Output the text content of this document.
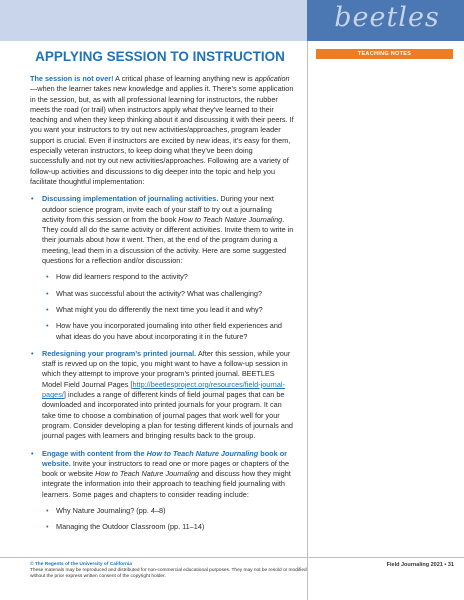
beetles
APPLYING SESSION TO INSTRUCTION	TEACHING NOTES

The session is not over! A critical phase of learning anything new is application—when the learner takes new knowledge and applies it. There’s some application in the session, but, as with all professional learning for instructors, the rubber meets the road (or trail) when instructors apply what they’ve learned to their teaching and when they keep thinking about it and discussing it with their peers. If you want your instructors to try out new activities/approaches, program leader support is crucial. Even if instructors are excited by new ideas, it’s easy for them, especially veteran instructors, to keep doing what they’ve been doing successfully and not try out new activities/approaches. Following are a variety of follow-up activities and discussions to dig deeper into the topic and help you facilitate thoughtful implementation:

• Discussing implementation of journaling activities. During your next outdoor science program, invite each of your staff to try out a journaling activity from this session or from the book How to Teach Nature Journaling. They could all do the same activity or different activities. Invite them to write in their journals about how it went. Then, at the end of the program during a meeting, lead them in a discussion of the activity. Here are some suggested questions for a reflection and/or discussion:
• How did learners respond to the activity?
• What was successful about the activity? What was challenging?
• What might you do differently the next time you lead it and why?
• How have you incorporated journaling into other field experiences and what ideas do you have about incorporating it in the future?
• Redesigning your program’s printed journal. After this session, while your staff is revved up on the topic, you might want to have a follow-up session in which they attempt to improve your program’s printed journal. BEETLES Model Field Journal Pages [http://beetlesproject.org/resources/field-journal-pages/] includes a range of different kinds of field journal pages that can be downloaded and incorporated into printed journals for your program. It can take time to choose a combination of journal pages that work well for your program. Consider developing a plan for testing different kinds of journals and journal pages with learners and bringing results back to the group.
• Engage with content from the How to Teach Nature Journaling book or website. Invite your instructors to read one or more pages or chapters of the book or website How to Teach Nature Journaling and discuss how they might integrate the information into their approach to teaching field journaling with learners. Some pages and chapters to consider reading include:
• Why Nature Journaling? (pp. 4–8)
• Managing the Outdoor Classroom (pp. 11–14)
© The Regents of the University of California
These materials may be reproduced and distributed for non-commercial educational purposes. They may not be resold or modified without the prior express written consent of the copyright holder.
Field Journaling 2021 • 31
